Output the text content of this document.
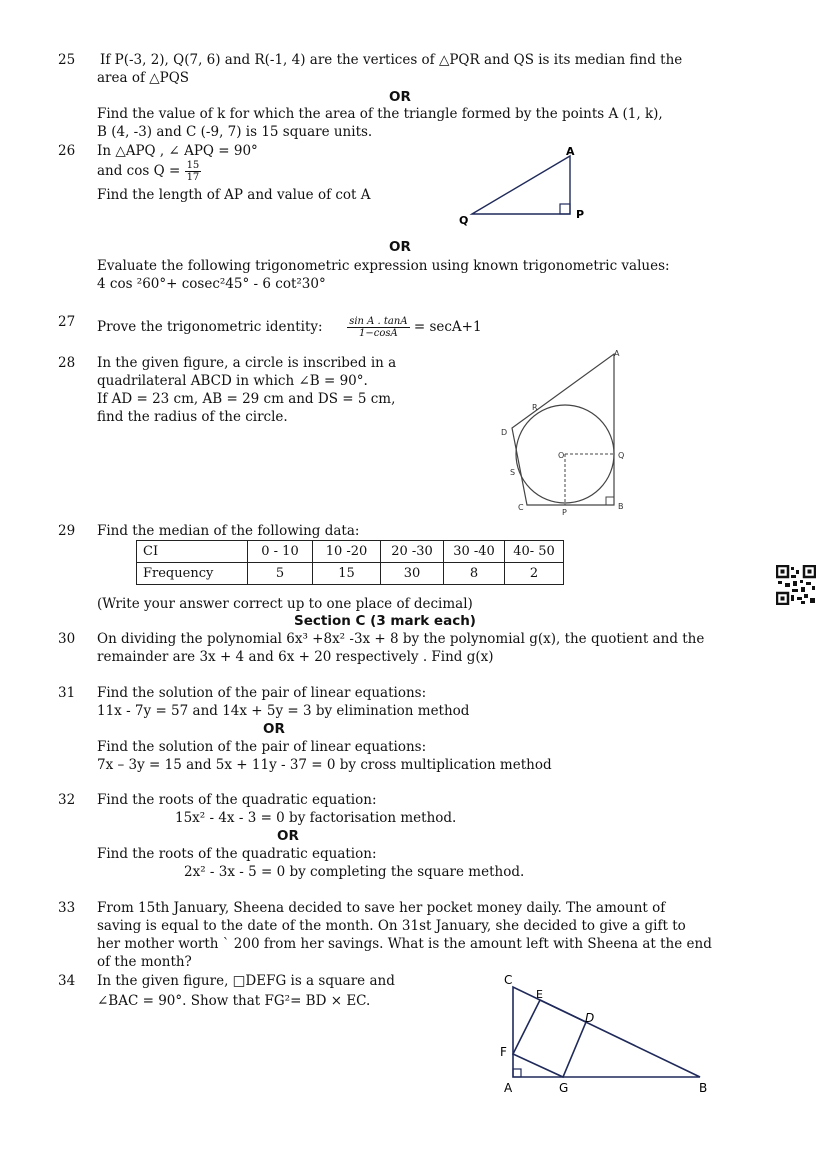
25	If P(-3, 2), Q(7, 6) and R(-1, 4) are the vertices of △PQR and QS is its median find the
area of △PQS
OR
Find the value of k for which the area of the triangle formed by the points A (1, k),
B (4, -3) and C (-9, 7) is 15 square units.
26	In △APQ , ∠ APQ = 90°
and $\cos Q = \frac{15}{17}$
Find the length of AP and value of cot A
A
P
Q
OR
Evaluate the following trigonometric expression using known trigonometric values:
4 cos ²60°+ cosec²45° - 6 cot²30°
27	Prove the trigonometric identity: $\frac{\text{sin A . tanA}}{1-\cos A} = \sec A+1$
28	In the given figure, a circle is inscribed in a
quadrilateral ABCD in which ∠B = 90°.
If AD = 23 cm, AB = 29 cm and DS = 5 cm,
find the radius of the circle.
A
B
C
D
O
P
Q
R
S
29	Find the median of the following data:
CI	0 - 10	10 -20	20 -30	30 -40	40- 50
Frequency	5	15	30	8	2
(Write your answer correct up to one place of decimal)
Section C (3 mark each)
30	On dividing the polynomial 6x³ +8x² -3x + 8 by the polynomial g(x), the quotient and the
remainder are 3x + 4 and 6x + 20 respectively . Find g(x)
31	Find the solution of the pair of linear equations:
11x - 7y = 57 and 14x + 5y = 3 by elimination method
OR
Find the solution of the pair of linear equations:
7x – 3y = 15 and 5x + 11y - 37 = 0 by cross multiplication method
32	Find the roots of the quadratic equation:
15x² - 4x - 3 = 0 by factorisation method.
OR
Find the roots of the quadratic equation:
2x² - 3x - 5 = 0 by completing the square method.
33	From 15th January, Sheena decided to save her pocket money daily. The amount of
saving is equal to the date of the month. On 31st January, she decided to give a gift to
her mother worth ` 200 from her savings. What is the amount left with Sheena at the end
of the month?
34	In the given figure, □DEFG is a square and
∠BAC = 90°. Show that FG²= BD × EC.
A	B
C
D
E
F
G
